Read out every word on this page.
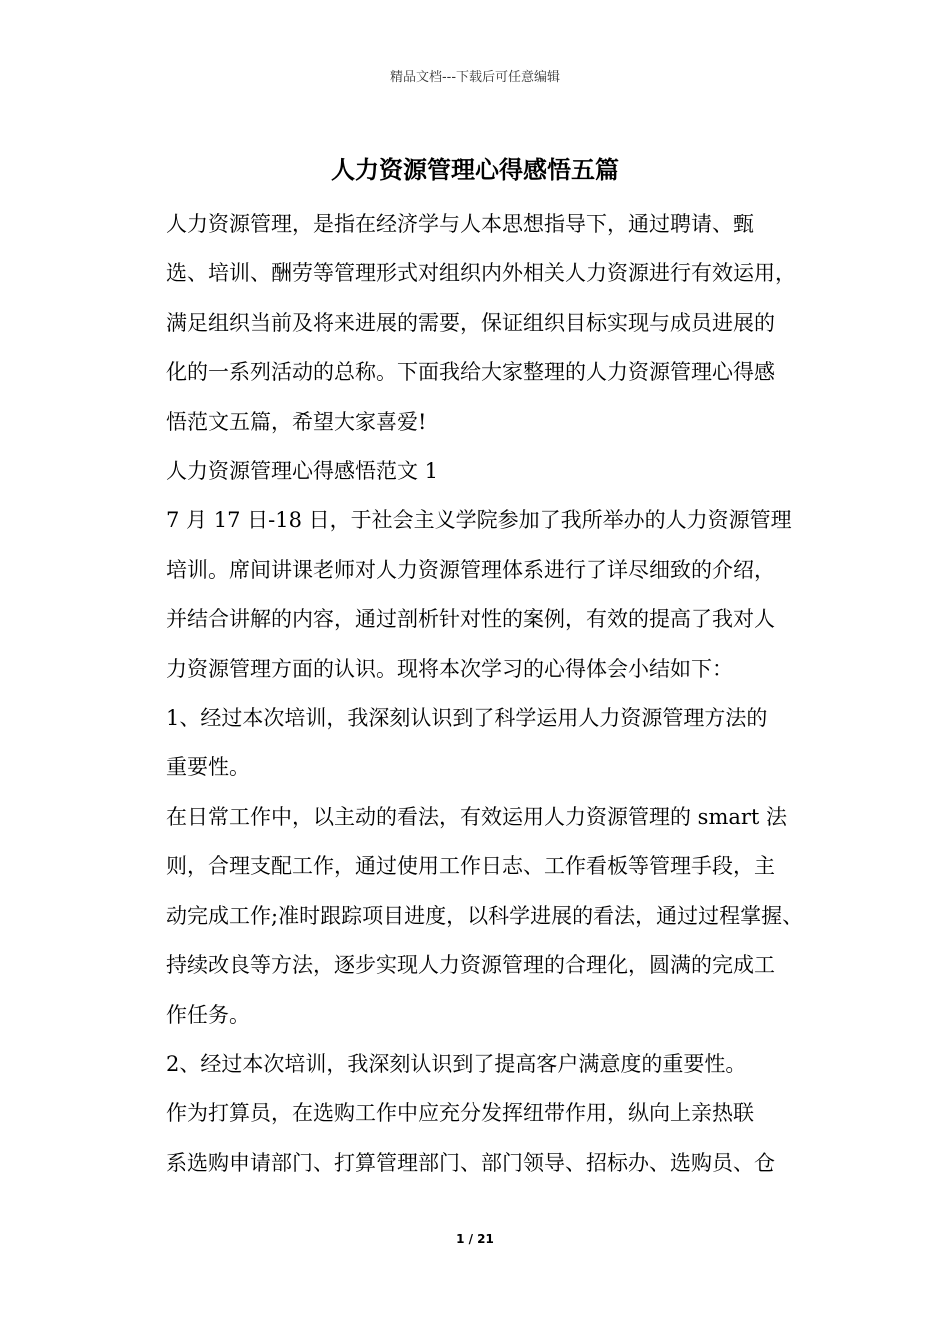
精品文档---下载后可任意编辑
人力资源管理心得感悟五篇

人力资源管理，是指在经济学与人本思想指导下，通过聘请、甄
选、培训、酬劳等管理形式对组织内外相关人力资源进行有效运用，
满足组织当前及将来进展的需要，保证组织目标实现与成员进展的
化的一系列活动的总称。下面我给大家整理的人力资源管理心得感
悟范文五篇，希望大家喜爱!

人力资源管理心得感悟范文 1

7 月 17 日-18 日，于社会主义学院参加了我所举办的人力资源管理
培训。席间讲课老师对人力资源管理体系进行了详尽细致的介绍，
并结合讲解的内容，通过剖析针对性的案例，有效的提高了我对人
力资源管理方面的认识。现将本次学习的心得体会小结如下：

1、经过本次培训，我深刻认识到了科学运用人力资源管理方法的
重要性。

在日常工作中，以主动的看法，有效运用人力资源管理的 smart 法
则，合理支配工作，通过使用工作日志、工作看板等管理手段，主
动完成工作;准时跟踪项目进度，以科学进展的看法，通过过程掌握、
持续改良等方法，逐步实现人力资源管理的合理化，圆满的完成工
作任务。

2、经过本次培训，我深刻认识到了提高客户满意度的重要性。

作为打算员，在选购工作中应充分发挥纽带作用，纵向上亲热联
系选购申请部门、打算管理部门、部门领导、招标办、选购员、仓

1 / 21
